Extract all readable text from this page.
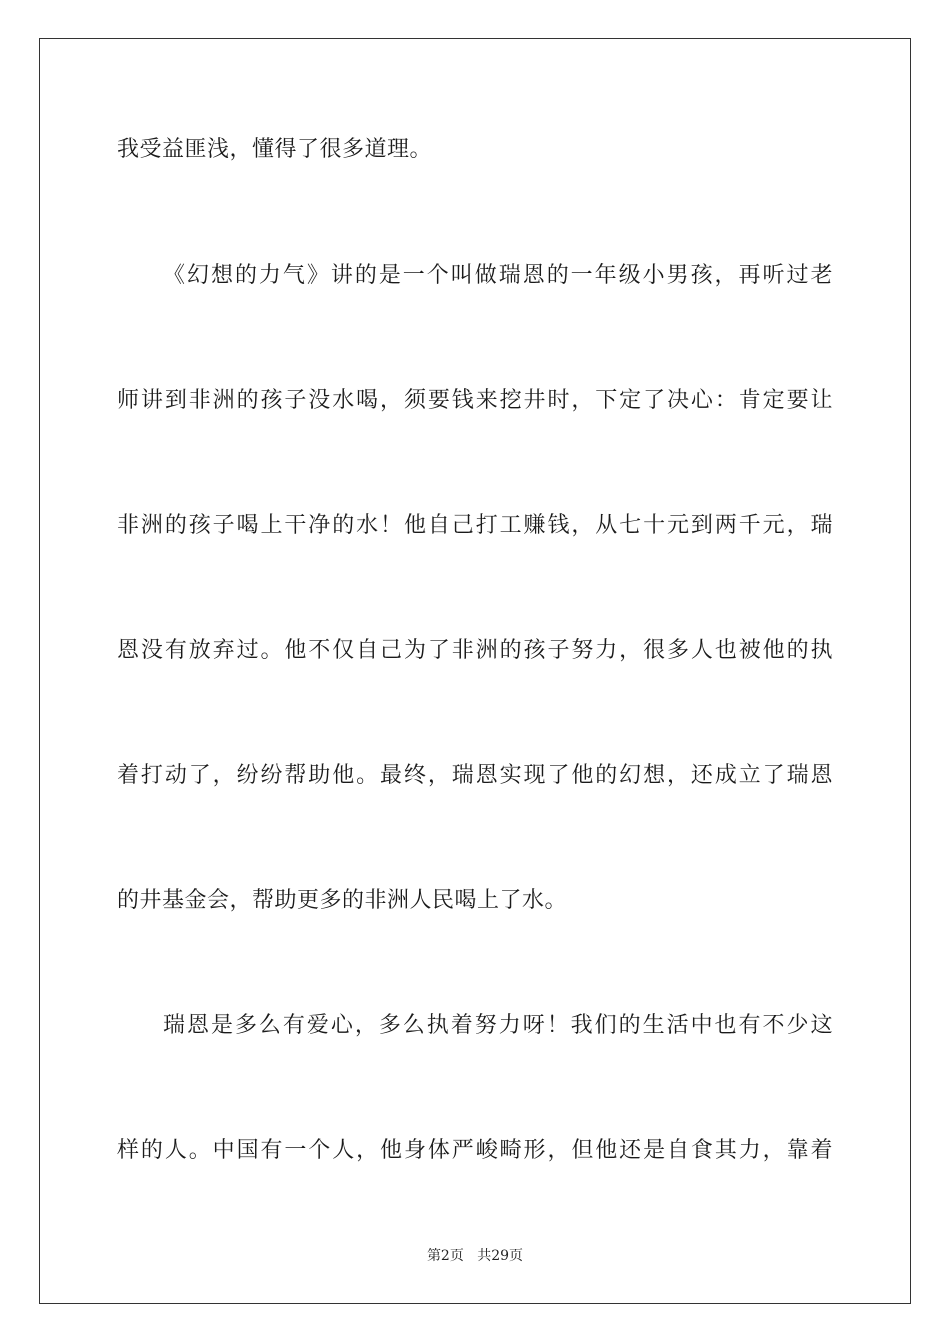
我受益匪浅，懂得了很多道理。
《幻想的力气》讲的是一个叫做瑞恩的一年级小男孩，再听过老
师讲到非洲的孩子没水喝，须要钱来挖井时，下定了决心：肯定要让
非洲的孩子喝上干净的水！他自己打工赚钱，从七十元到两千元，瑞
恩没有放弃过。他不仅自己为了非洲的孩子努力，很多人也被他的执
着打动了，纷纷帮助他。最终，瑞恩实现了他的幻想，还成立了瑞恩
的井基金会，帮助更多的非洲人民喝上了水。
瑞恩是多么有爱心，多么执着努力呀！我们的生活中也有不少这
样的人。中国有一个人，他身体严峻畸形，但他还是自食其力，靠着
第2页 共29页
